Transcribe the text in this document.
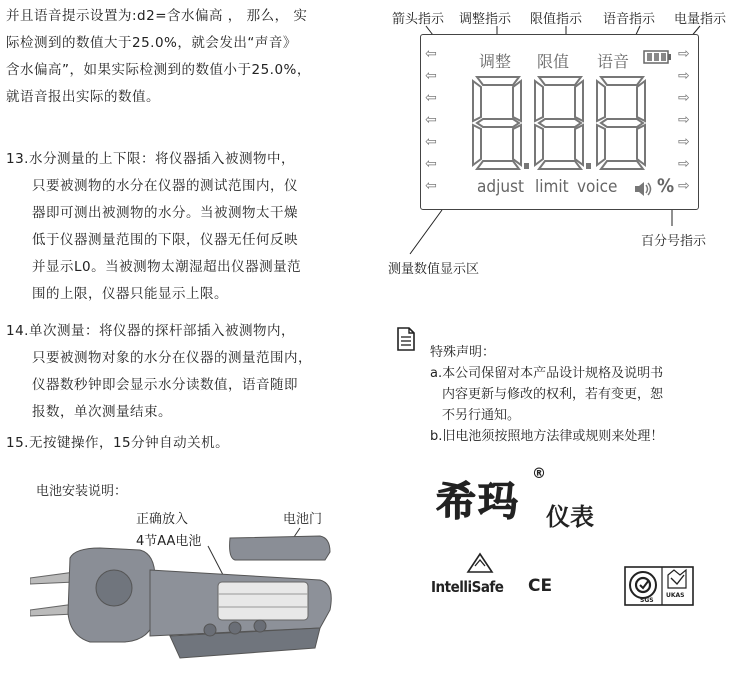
并且语音提示设置为:d2=含水偏高 ， 那么， 实
际检测到的数值大于25.0%，就会发出“声音》
含水偏高”，如果实际检测到的数值小于25.0%，
就语音报出实际的数值。
13.水分测量的上下限：将仪器插入被测物中，
只要被测物的水分在仪器的测试范围内，仪
器即可测出被测物的水分。当被测物太干燥
低于仪器测量范围的下限，仪器无任何反映
并显示L0。当被测物太潮湿超出仪器测量范
围的上限，仪器只能显示上限。
14.单次测量：将仪器的探杆部插入被测物内，
只要被测物对象的水分在仪器的测量范围内，
仪器数秒钟即会显示水分读数值，语音随即
报数，单次测量结束。
15.无按键操作，15分钟自动关机。
电池安装说明：
正确放入
4节AA电池
电池门
箭头指示 调整指示 限值指示 语音指示 电量指示
⇦
⇦
⇦
⇦
⇦
⇦
⇦
⇨
⇨
⇨
⇨
⇨
⇨
⇨
调整 限值 语音
adjust limit voice %
百分号指示
测量数值显示区
特殊声明：
a.本公司保留对本产品设计规格及说明书
内容更新与修改的权利，若有变更，恕
不另行通知。
b.旧电池须按照地方法律或规则来处理！
希玛
®
仪表
IntelliSafe CE
SGS
UKAS
